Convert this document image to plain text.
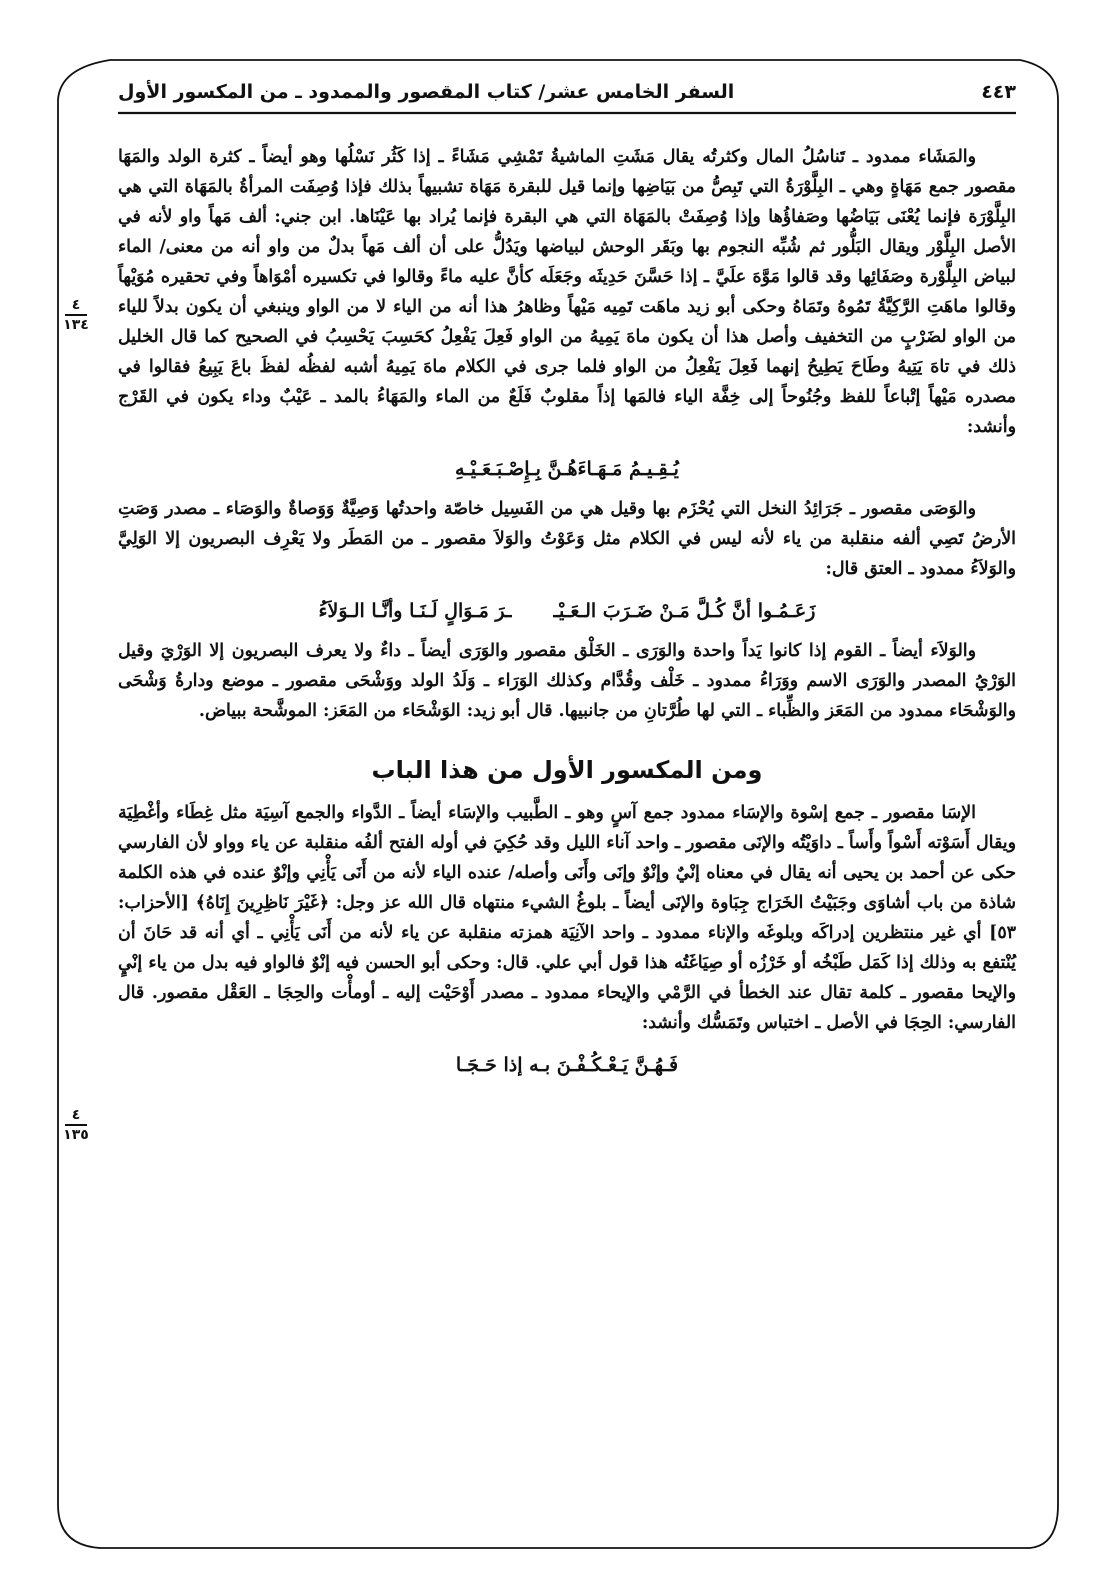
السفر الخامس عشر/ كتاب المقصور والممدود ـ من المكسور الأول	٤٤٣
٤
١٣٤
٤
١٣٥

والمَشَاء ممدود ـ تَناسُلُ المال وكثرتُه يقال مَشَتِ الماشيةُ تَمْشِي مَشَاءً ـ إذا كَثُر نَسْلُها وهو أيضاً ـ كثرة الولد والمَهَا مقصور جمع مَهَاةٍ وهي ـ البِلَّوْرَةُ التي تَبِصُّ من بَيَاضِها وإنما قيل للبقرة مَهَاة تشبيهاً بذلك فإذا وُصِفَت المرأةُ بالمَهَاة التي هي البِلَّوْرَة فإنما يُعْنَى بَيَاضُها وصَفاؤُها وإذا وُصِفَتْ بالمَهَاة التي هي البقرة فإنما يُراد بها عَيْنَاها. ابن جني: ألف مَهاً واو لأنه في الأصل البِلَّوْر ويقال البَلُّور ثم شُبِّه النجوم بها وبَقَر الوحش لبياضها ويَدُلُّ على أن ألف مَهاً بدلٌ من واو أنه من معنى/ الماء لبياض البِلَّوْرة وصَفَائِها وقد قالوا مَوَّهَ علَيَّ ـ إذا حَسَّنَ حَدِيثَه وجَعَلَه كأنَّ عليه ماءً وقالوا في تكسيره أمْوَاهاً وفي تحقيره مُوَيْهاً وقالوا ماهَتِ الرَّكِيَّةُ تَمُوهُ وتَمَاهُ وحكى أبو زيد ماهَت تَمِيه مَيْهاً وظاهرُ هذا أنه من الياء لا من الواو وينبغي أن يكون بدلاً للياء من الواو لضَرْبٍ من التخفيف وأصل هذا أن يكون ماهَ يَمِيهُ من الواو فَعِلَ يَفْعِلُ كحَسِبَ يَحْسِبُ في الصحيح كما قال الخليل ذلك في تاهَ يَتِيهُ وطَاحَ يَطِيحُ إنهما فَعِلَ يَفْعِلُ من الواو فلما جرى في الكلام ماهَ يَمِيهُ أشبه لفظُه لفظَ باعَ يَبِيعُ فقالوا في مصدره مَيْهاً إتْباعاً للفظ وجُنُوحاً إلى خِفَّة الياء فالمَها إذاً مقلوبٌ فَلَعٌ من الماء والمَهَاءُ بالمد ـ عَيْبٌ وداء يكون في القَرْج وأنشد:

يُـقِـيـمُ مَـهَـاءَهُـنَّ بِـإِصْـبَـعَـيْـهِ

والوَصَى مقصور ـ جَرَائِدُ النخل التي يُحْزَم بها وقيل هي من الفَسِيل خاصّة واحدتُها وَصِيَّةٌ وَوَصاةٌ والوَصَاء ـ مصدر وَصَتِ الأرضُ تَصِي ألفه منقلبة من ياء لأنه ليس في الكلام مثل وَعَوْتُ والوَلاَ مقصور ـ من المَطَر ولا يَعْرِف البصريون إلا الوَلِيَّ والوَلاَءُ ممدود ـ العتق قال:

زَعَـمُـوا أنَّ كُـلَّ مَـنْ ضَـرَبَ الـعَـيْـ
ـرَ مَـوَالٍ لَـنَـا وأنَّـا الـوَلاَءُ

والوَلاَء أيضاً ـ القوم إذا كانوا يَداً واحدة والوَرَى ـ الخَلْق مقصور والوَرَى أيضاً ـ داءٌ ولا يعرف البصريون إلا الوَرْيَ وقيل الوَرْيُ المصدر والوَرَى الاسم ووَرَاءُ ممدود ـ خَلْف وقُدَّام وكذلك الوَرَاء ـ وَلَدُ الولد ووَشْحَى مقصور ـ موضع ودارةُ وَشْحَى والوَشْحَاء ممدود من المَعَز والظِّباء ـ التي لها طُرَّتانِ من جانبيها. قال أبو زيد: الوَشْحَاء من المَعَز: الموشَّحة ببياض.

ومن المكسور الأول من هذا الباب

الإسَا مقصور ـ جمع إسْوة والإسَاء ممدود جمع آسٍ وهو ـ الطَّبيب والإسَاء أيضاً ـ الدَّواء والجمع آسِيَة مثل غِطَاء وأغْطِيَة ويقال أَسَوْته أَسْواً وأَساً ـ داوَيْتُه والإنَى مقصور ـ واحد آناء الليل وقد حُكِيَ في أوله الفتح ألفُه منقلبة عن ياء وواو لأن الفارسي حكى عن أحمد بن يحيى أنه يقال في معناه إنْيٌ وإنْوٌ وإنَى وأَنَى وأصله/ عنده الياء لأنه من أَنَى يَأْنِي وإنْوٌ عنده في هذه الكلمة شاذة من باب أشاوَى وجَبَيْتُ الخَرَاج جِبَاوة والإنَى أيضاً ـ بلوغُ الشيء منتهاه قال الله عز وجل: ﴿غَيْرَ نَاظِرِينَ إِنَاهُ﴾ [الأحزاب: ٥٣] أي غير منتظرين إدراكَه وبلوغَه والإناء ممدود ـ واحد الآنِيَة همزته منقلبة عن ياء لأنه من أَنَى يَأْنِي ـ أي أنه قد حَانَ أن يُنْتفع به وذلك إذا كَمَل طَبْخُه أو خَرْزُه أو صِيَاغَتُه هذا قول أبي علي. قال: وحكى أبو الحسن فيه إنْوٌ فالواو فيه بدل من ياء إنْيٍ والإيحا مقصور ـ كلمة تقال عند الخطأ في الرَّمْي والإيحاء ممدود ـ مصدر أَوْحَيْت إليه ـ أومأْت والحِجَا ـ العَقْل مقصور. قال الفارسي: الحِجَا في الأصل ـ اختباس وتَمَسُّك وأنشد:

فَـهُـنَّ يَـعْـكُـفْـنَ بـه إذا حَـجَـا
